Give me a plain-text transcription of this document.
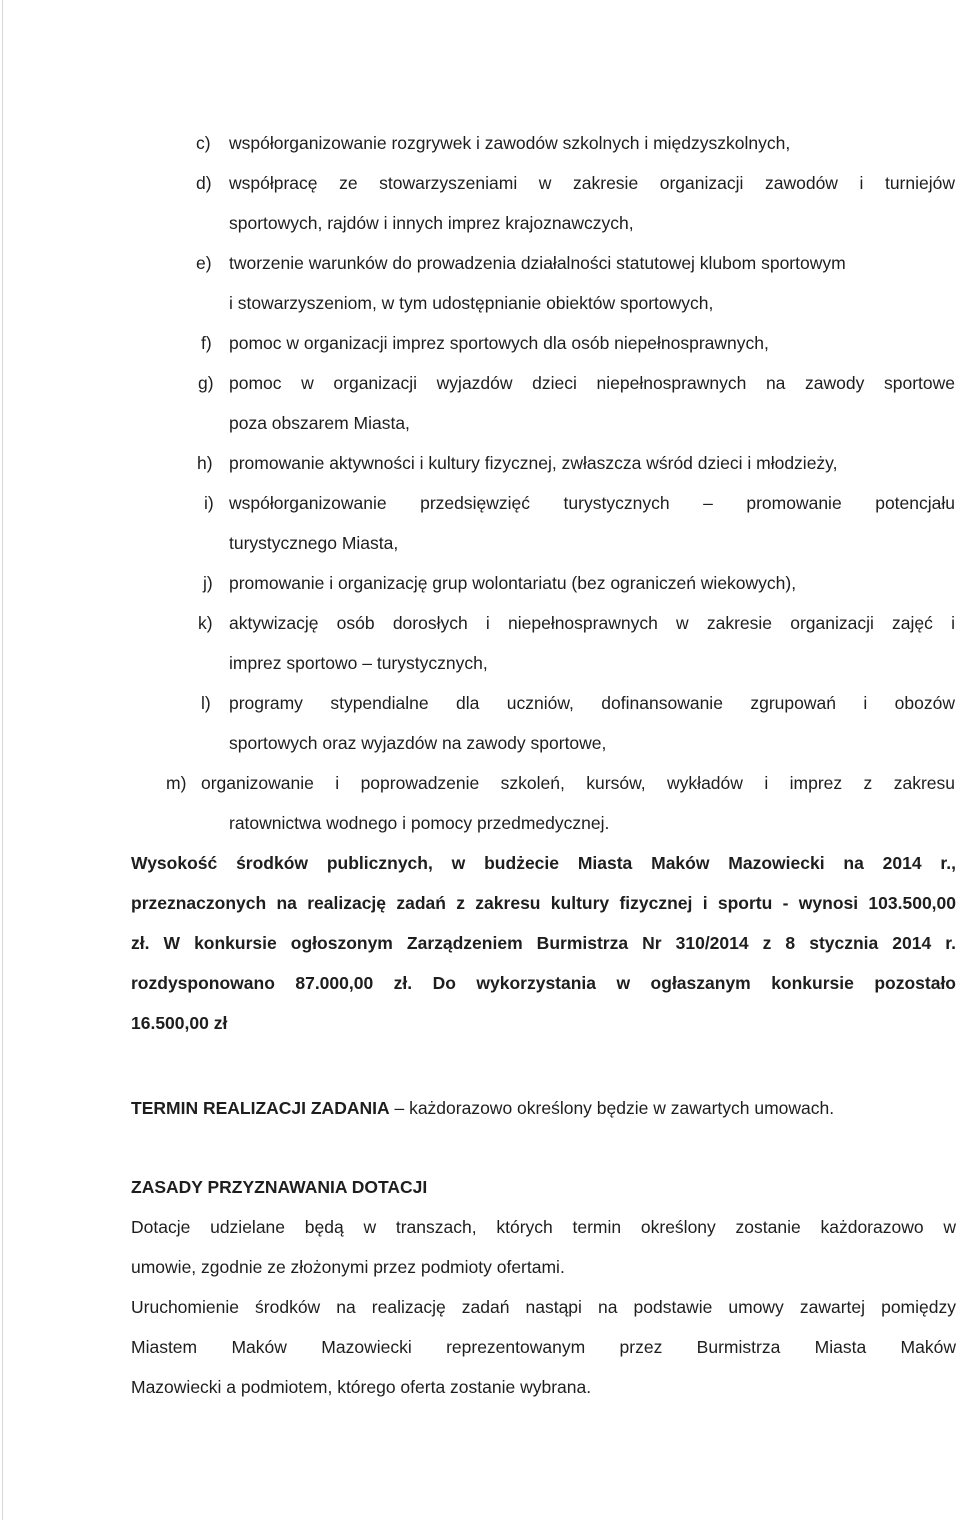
c) współorganizowanie rozgrywek i zawodów szkolnych i międzyszkolnych,
d) współpracę ze stowarzyszeniami w zakresie organizacji zawodów i turniejów
sportowych, rajdów i innych imprez krajoznawczych,
e) tworzenie warunków do prowadzenia działalności statutowej klubom sportowym
i stowarzyszeniom, w tym udostępnianie obiektów sportowych,
f) pomoc w organizacji imprez sportowych dla osób niepełnosprawnych,
g) pomoc w organizacji wyjazdów dzieci niepełnosprawnych na zawody sportowe
poza obszarem Miasta,
h) promowanie aktywności i kultury fizycznej, zwłaszcza wśród dzieci i młodzieży,
i) współorganizowanie przedsięwzięć turystycznych – promowanie potencjału
turystycznego Miasta,
j) promowanie i organizację grup wolontariatu (bez ograniczeń wiekowych),
k) aktywizację osób dorosłych i niepełnosprawnych w zakresie organizacji zajęć i
imprez sportowo – turystycznych,
l) programy stypendialne dla uczniów, dofinansowanie zgrupowań i obozów
sportowych oraz wyjazdów na zawody sportowe,
m) organizowanie i poprowadzenie szkoleń, kursów, wykładów i imprez z zakresu
ratownictwa wodnego i pomocy przedmedycznej.
Wysokość środków publicznych, w budżecie Miasta Maków Mazowiecki na 2014 r.,
przeznaczonych na realizację zadań z zakresu kultury fizycznej i sportu - wynosi 103.500,00
zł. W konkursie ogłoszonym Zarządzeniem Burmistrza Nr 310/2014 z 8 stycznia 2014 r.
rozdysponowano 87.000,00 zł. Do wykorzystania w ogłaszanym konkursie pozostało
16.500,00 zł
TERMIN REALIZACJI ZADANIA – każdorazowo określony będzie w zawartych umowach.
ZASADY PRZYZNAWANIA DOTACJI
Dotacje udzielane będą w transzach, których termin określony zostanie każdorazowo w
umowie, zgodnie ze złożonymi przez podmioty ofertami.
Uruchomienie środków na realizację zadań nastąpi na podstawie umowy zawartej pomiędzy
Miastem Maków Mazowiecki reprezentowanym przez Burmistrza Miasta Maków
Mazowiecki a podmiotem, którego oferta zostanie wybrana.
